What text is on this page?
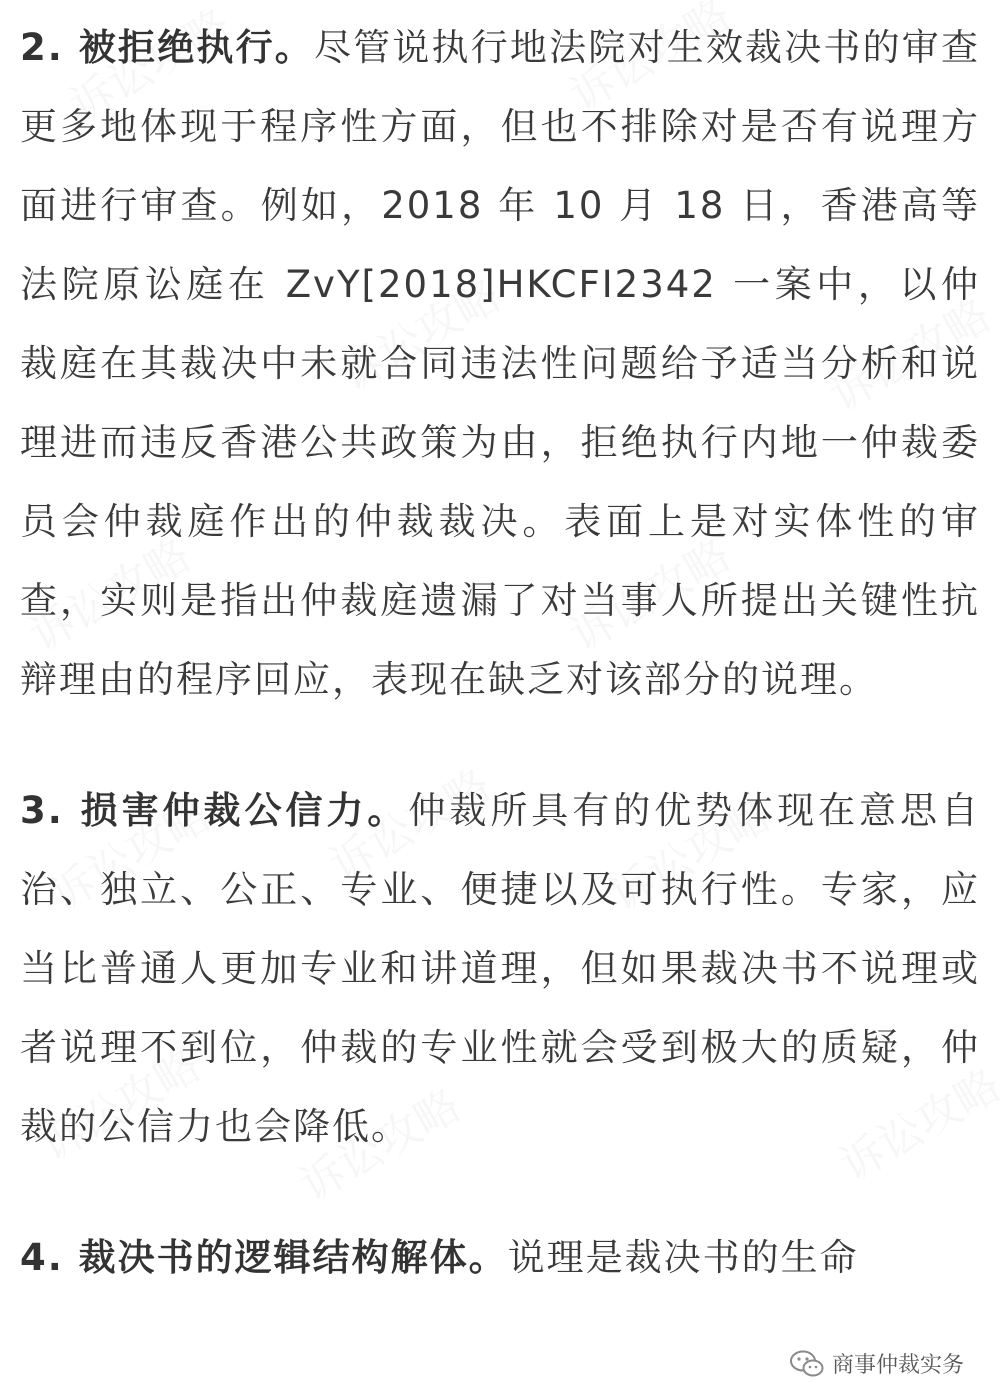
2. 被拒绝执行。尽管说执行地法院对生效裁决书的审查更多地体现于程序性方面，但也不排除对是否有说理方面进行审查。例如，2018 年 10 月 18 日，香港高等法院原讼庭在 ZvY[2018]HKCFI2342 一案中，以仲裁庭在其裁决中未就合同违法性问题给予适当分析和说理进而违反香港公共政策为由，拒绝执行内地一仲裁委员会仲裁庭作出的仲裁裁决。表面上是对实体性的审查，实则是指出仲裁庭遗漏了对当事人所提出关键性抗辩理由的程序回应，表现在缺乏对该部分的说理。

3. 损害仲裁公信力。仲裁所具有的优势体现在意思自治、独立、公正、专业、便捷以及可执行性。专家，应当比普通人更加专业和讲道理，但如果裁决书不说理或者说理不到位，仲裁的专业性就会受到极大的质疑，仲裁的公信力也会降低。

4. 裁决书的逻辑结构解体。说理是裁决书的生命

商事仲裁实务
